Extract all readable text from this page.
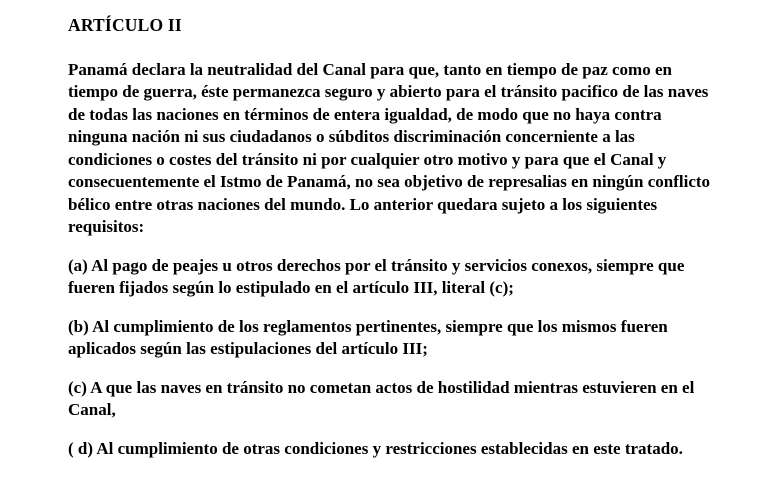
ARTÍCULO II

Panamá declara la neutralidad del Canal para que, tanto en tiempo de paz como en tiempo de guerra, éste permanezca seguro y abierto para el tránsito pacifico de las naves de todas las naciones en términos de entera igualdad, de modo que no haya contra ninguna nación ni sus ciudadanos o súbditos discriminación concerniente a las condiciones o costes del tránsito ni por cualquier otro motivo y para que el Canal y consecuentemente el Istmo de Panamá, no sea objetivo de represalias en ningún conflicto bélico entre otras naciones del mundo. Lo anterior quedara sujeto a los siguientes requisitos:

(a) Al pago de peajes u otros derechos por el tránsito y servicios conexos, siempre que fueren fijados según lo estipulado en el artículo III, literal (c);

(b) Al cumplimiento de los reglamentos pertinentes, siempre que los mismos fueren aplicados según las estipulaciones del artículo III;

(c) A que las naves en tránsito no cometan actos de hostilidad mientras estuvieren en el Canal,

( d) Al cumplimiento de otras condiciones y restricciones establecidas en este tratado.
